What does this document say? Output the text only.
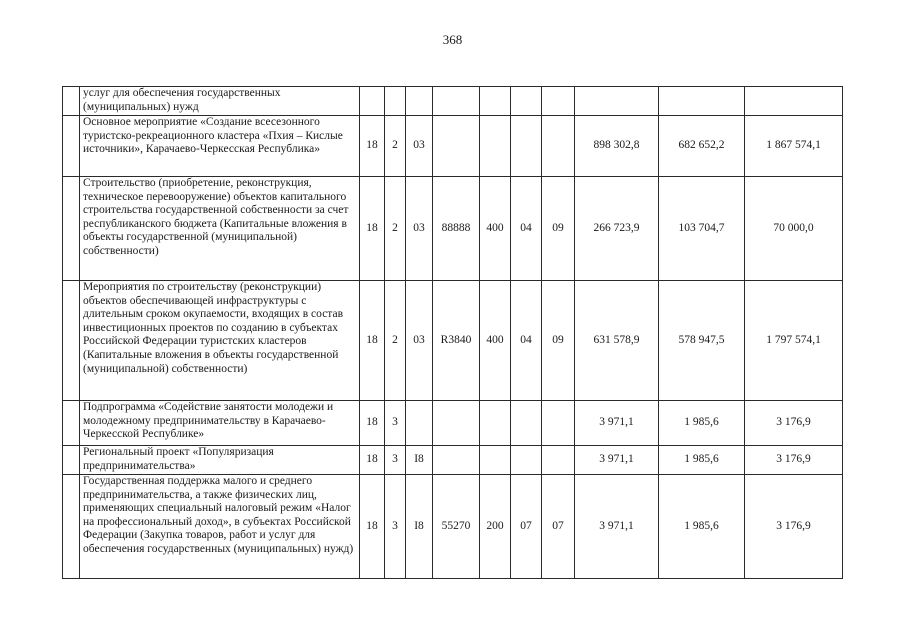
368
	услуг для обеспечения государственных (муниципальных) нужд										
	Основное мероприятие «Создание всесезонного туристско-рекреационного кластера «Пхия – Кислые источники», Карачаево-Черкесская Республика»	18	2	03					898 302,8	682 652,2	1 867 574,1
	Строительство (приобретение, реконструкция, техническое перевооружение) объектов капитального строительства государственной собственности за счет республиканского бюджета (Капитальные вложения в объекты государственной (муниципальной) собственности)	18	2	03	88888	400	04	09	266 723,9	103 704,7	70 000,0
	Мероприятия по строительству (реконструкции) объектов обеспечивающей инфраструктуры с длительным сроком окупаемости, входящих в состав инвестиционных проектов по созданию в субъектах Российской Федерации туристских кластеров (Капитальные вложения в объекты государственной (муниципальной) собственности)	18	2	03	R3840	400	04	09	631 578,9	578 947,5	1 797 574,1
	Подпрограмма «Содействие занятости молодежи и молодежному предпринимательству в Карачаево-Черкесской Республике»	18	3						3 971,1	1 985,6	3 176,9
	Региональный проект «Популяризация предпринимательства»	18	3	I8					3 971,1	1 985,6	3 176,9
	Государственная поддержка малого и среднего предпринимательства, а также физических лиц, применяющих специальный налоговый режим «Налог на профессиональный доход», в субъектах Российской Федерации (Закупка товаров, работ и услуг для обеспечения государственных (муниципальных) нужд)	18	3	I8	55270	200	07	07	3 971,1	1 985,6	3 176,9
